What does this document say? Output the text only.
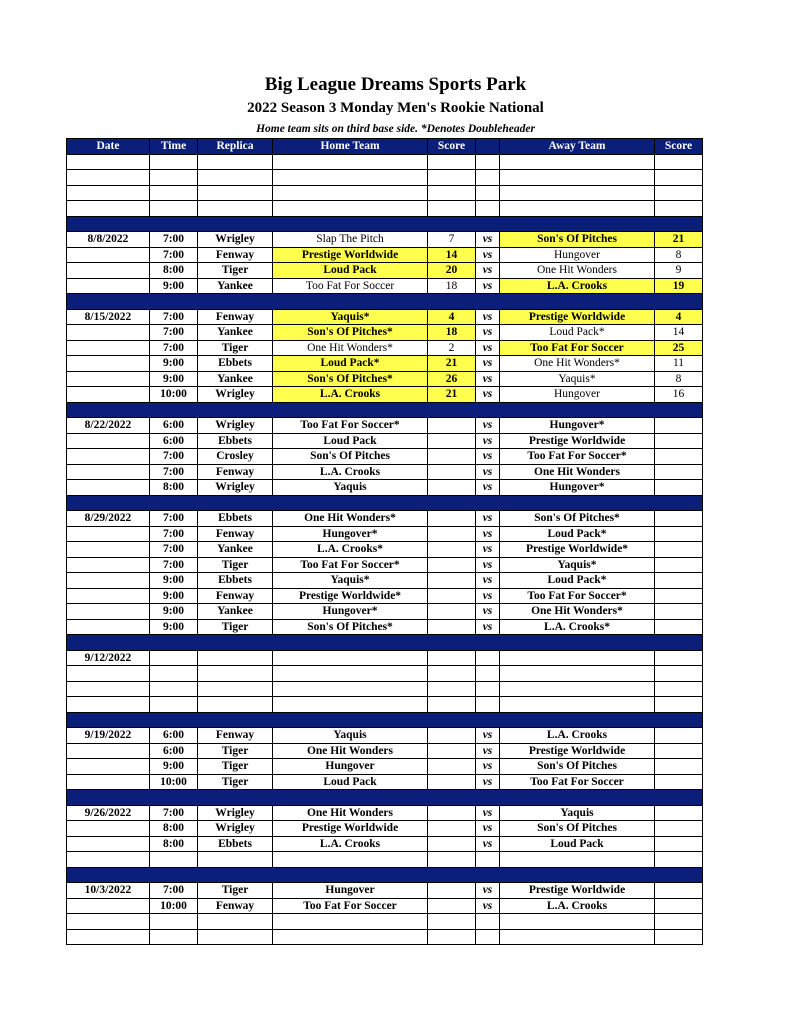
Big League Dreams Sports Park
2022 Season 3 Monday Men's Rookie National
Home team sits on third base side. *Denotes Doubleheader
Date	Time	Replica	Home Team	Score		Away Team	Score

8/8/2022	7:00	Wrigley	Slap The Pitch	7	vs	Son's Of Pitches	21
	7:00	Fenway	Prestige Worldwide	14	vs	Hungover	8
	8:00	Tiger	Loud Pack	20	vs	One Hit Wonders	9
	9:00	Yankee	Too Fat For Soccer	18	vs	L.A. Crooks	19

8/15/2022	7:00	Fenway	Yaquis*	4	vs	Prestige Worldwide	4
	7:00	Yankee	Son's Of Pitches*	18	vs	Loud Pack*	14
	7:00	Tiger	One Hit Wonders*	2	vs	Too Fat For Soccer	25
	9:00	Ebbets	Loud Pack*	21	vs	One Hit Wonders*	11
	9:00	Yankee	Son's Of Pitches*	26	vs	Yaquis*	8
	10:00	Wrigley	L.A. Crooks	21	vs	Hungover	16

8/22/2022	6:00	Wrigley	Too Fat For Soccer*		vs	Hungover*	
	6:00	Ebbets	Loud Pack		vs	Prestige Worldwide	
	7:00	Crosley	Son's Of Pitches		vs	Too Fat For Soccer*	
	7:00	Fenway	L.A. Crooks		vs	One Hit Wonders	
	8:00	Wrigley	Yaquis		vs	Hungover*	

8/29/2022	7:00	Ebbets	One Hit Wonders*		vs	Son's Of Pitches*	
	7:00	Fenway	Hungover*		vs	Loud Pack*	
	7:00	Yankee	L.A. Crooks*		vs	Prestige Worldwide*	
	7:00	Tiger	Too Fat For Soccer*		vs	Yaquis*	
	9:00	Ebbets	Yaquis*		vs	Loud Pack*	
	9:00	Fenway	Prestige Worldwide*		vs	Too Fat For Soccer*	
	9:00	Yankee	Hungover*		vs	One Hit Wonders*	
	9:00	Tiger	Son's Of Pitches*		vs	L.A. Crooks*	

9/12/2022							

9/19/2022	6:00	Fenway	Yaquis		vs	L.A. Crooks	
	6:00	Tiger	One Hit Wonders		vs	Prestige Worldwide	
	9:00	Tiger	Hungover		vs	Son's Of Pitches	
	10:00	Tiger	Loud Pack		vs	Too Fat For Soccer	

9/26/2022	7:00	Wrigley	One Hit Wonders		vs	Yaquis	
	8:00	Wrigley	Prestige Worldwide		vs	Son's Of Pitches	
	8:00	Ebbets	L.A. Crooks		vs	Loud Pack	

10/3/2022	7:00	Tiger	Hungover		vs	Prestige Worldwide	
	10:00	Fenway	Too Fat For Soccer		vs	L.A. Crooks	
